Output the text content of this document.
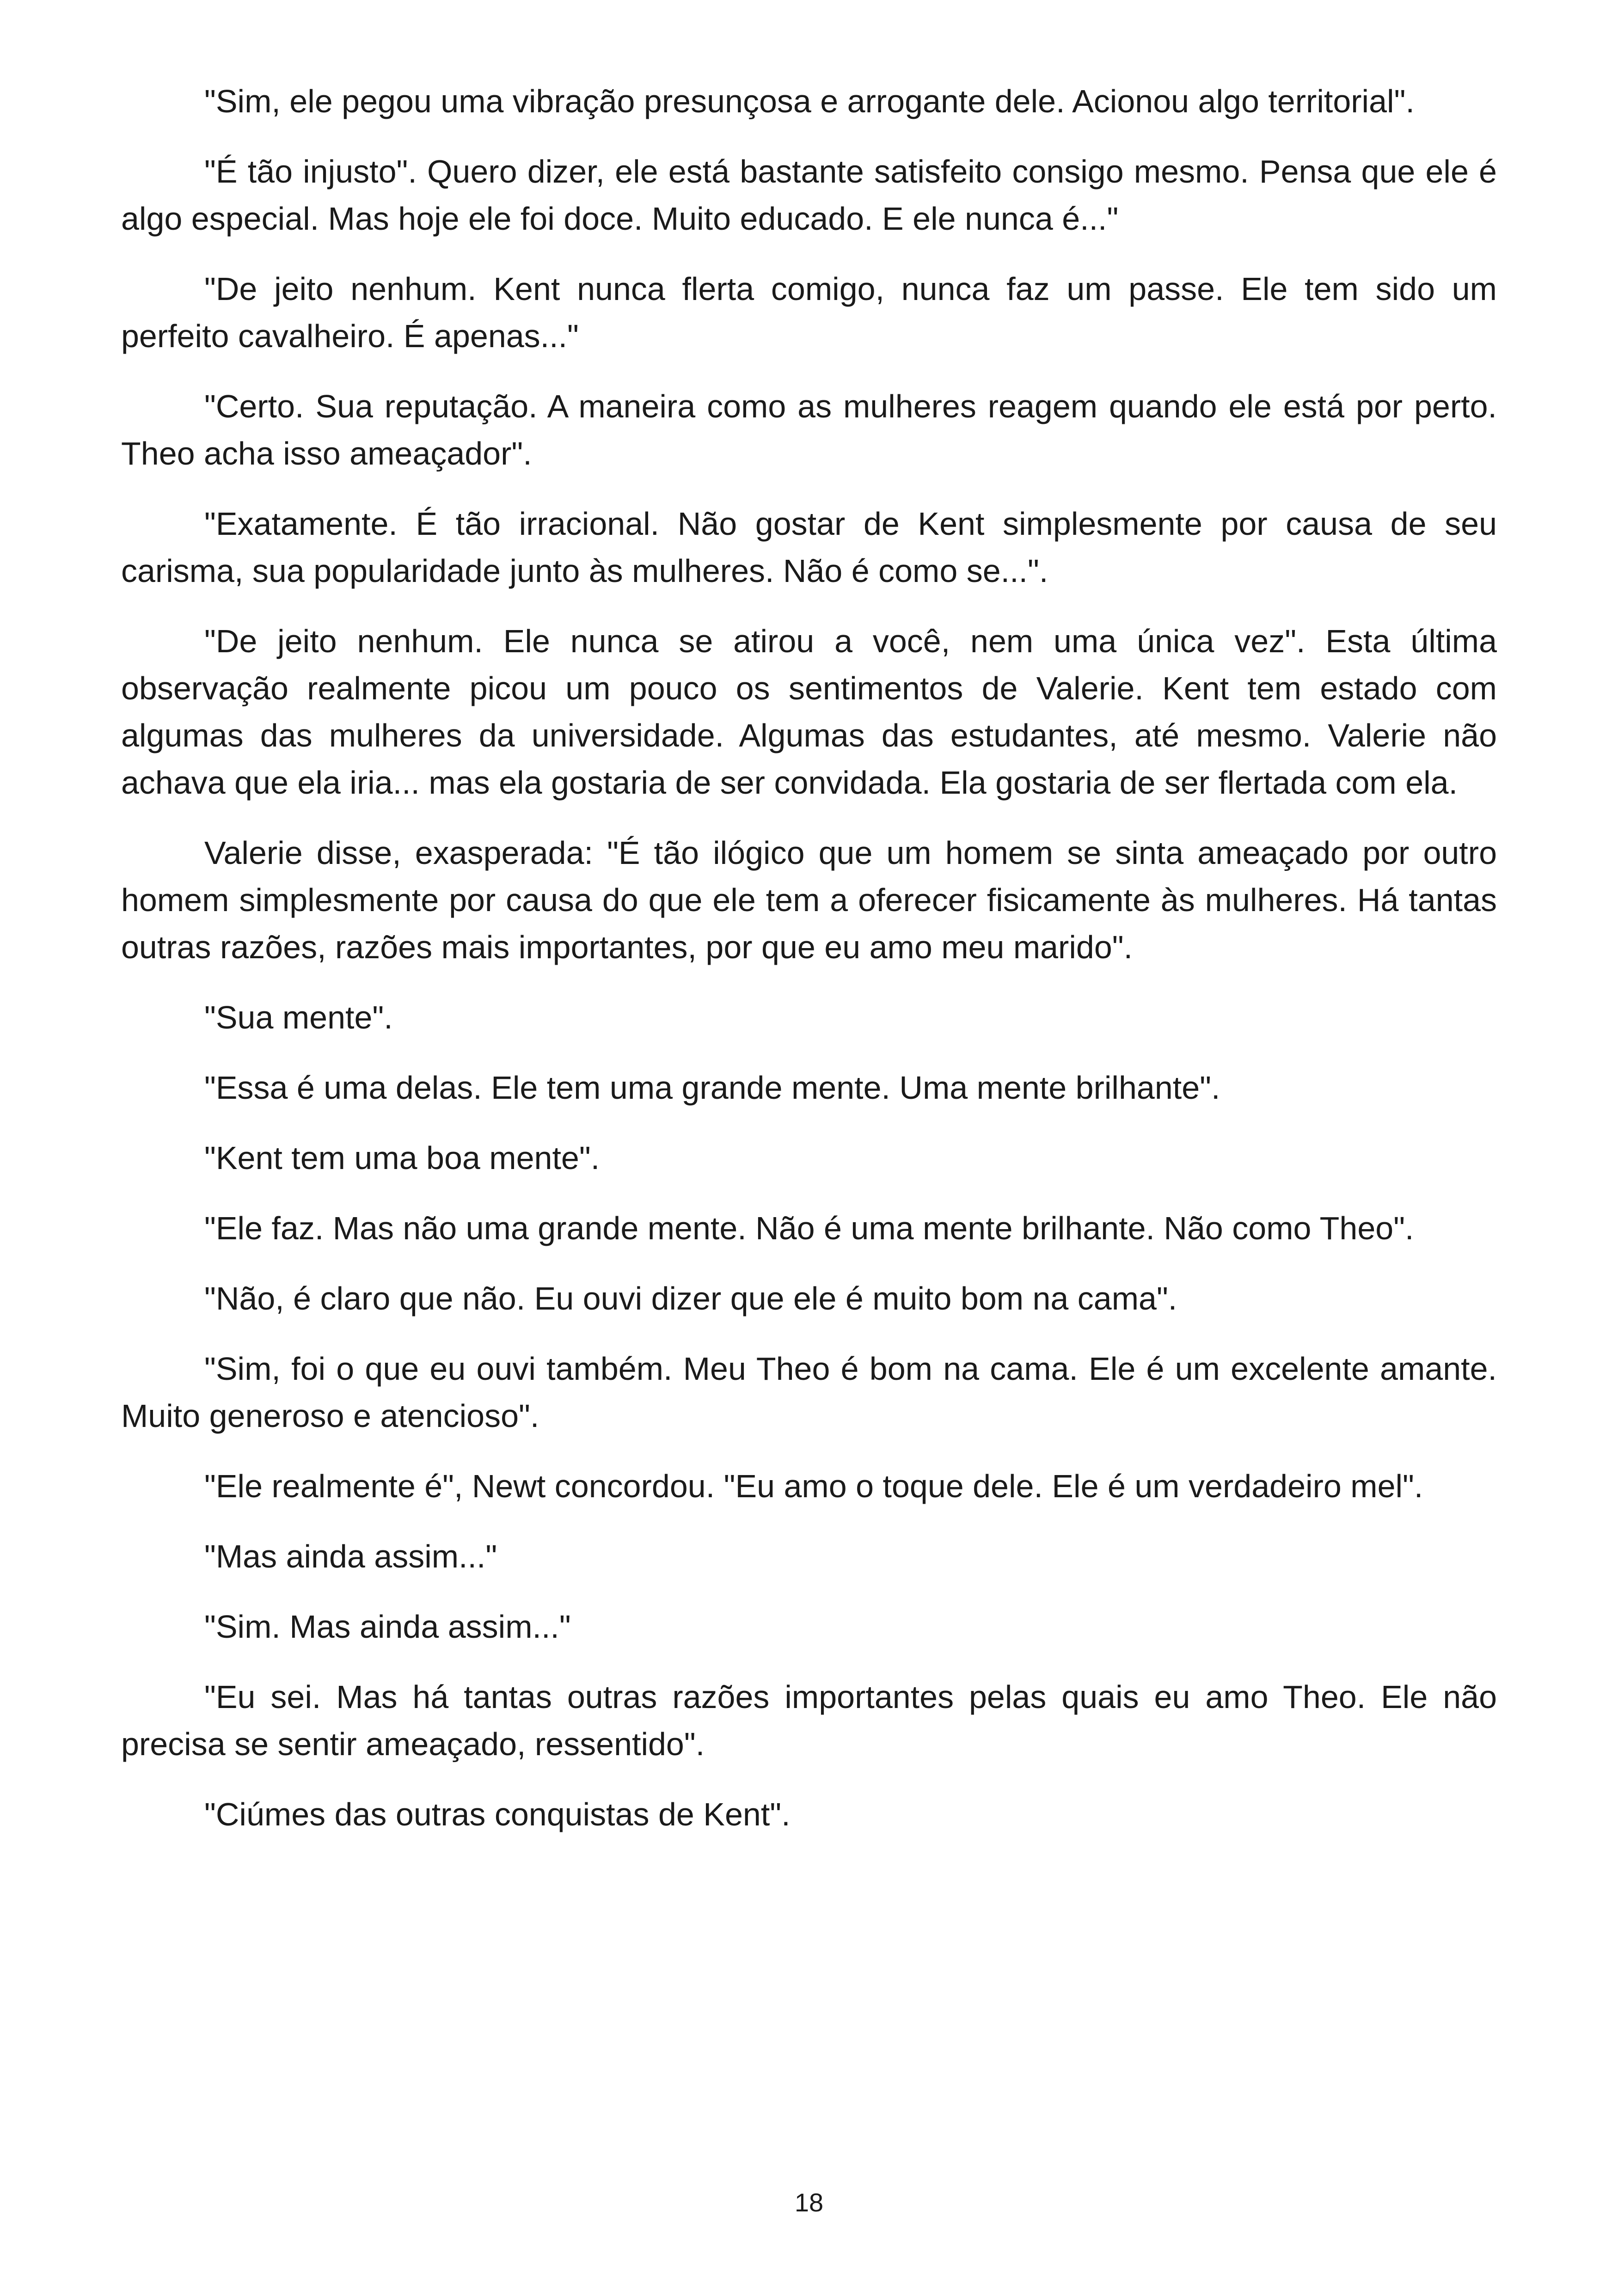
"Sim, ele pegou uma vibração presunçosa e arrogante dele. Acionou algo territorial".

"É tão injusto". Quero dizer, ele está bastante satisfeito consigo mesmo. Pensa que ele é algo especial. Mas hoje ele foi doce. Muito educado. E ele nunca é..."

"De jeito nenhum. Kent nunca flerta comigo, nunca faz um passe. Ele tem sido um perfeito cavalheiro. É apenas..."

"Certo. Sua reputação. A maneira como as mulheres reagem quando ele está por perto. Theo acha isso ameaçador".

"Exatamente. É tão irracional. Não gostar de Kent simplesmente por causa de seu carisma, sua popularidade junto às mulheres. Não é como se...".

"De jeito nenhum. Ele nunca se atirou a você, nem uma única vez". Esta última observação realmente picou um pouco os sentimentos de Valerie. Kent tem estado com algumas das mulheres da universidade. Algumas das estudantes, até mesmo. Valerie não achava que ela iria... mas ela gostaria de ser convidada. Ela gostaria de ser flertada com ela.

Valerie disse, exasperada: "É tão ilógico que um homem se sinta ameaçado por outro homem simplesmente por causa do que ele tem a oferecer fisicamente às mulheres. Há tantas outras razões, razões mais importantes, por que eu amo meu marido".

"Sua mente".

"Essa é uma delas. Ele tem uma grande mente. Uma mente brilhante".

"Kent tem uma boa mente".

"Ele faz. Mas não uma grande mente. Não é uma mente brilhante. Não como Theo".

"Não, é claro que não. Eu ouvi dizer que ele é muito bom na cama".

"Sim, foi o que eu ouvi também. Meu Theo é bom na cama. Ele é um excelente amante. Muito generoso e atencioso".

"Ele realmente é", Newt concordou. "Eu amo o toque dele. Ele é um verdadeiro mel".

"Mas ainda assim..."

"Sim. Mas ainda assim..."

"Eu sei. Mas há tantas outras razões importantes pelas quais eu amo Theo. Ele não precisa se sentir ameaçado, ressentido".

"Ciúmes das outras conquistas de Kent".

18
